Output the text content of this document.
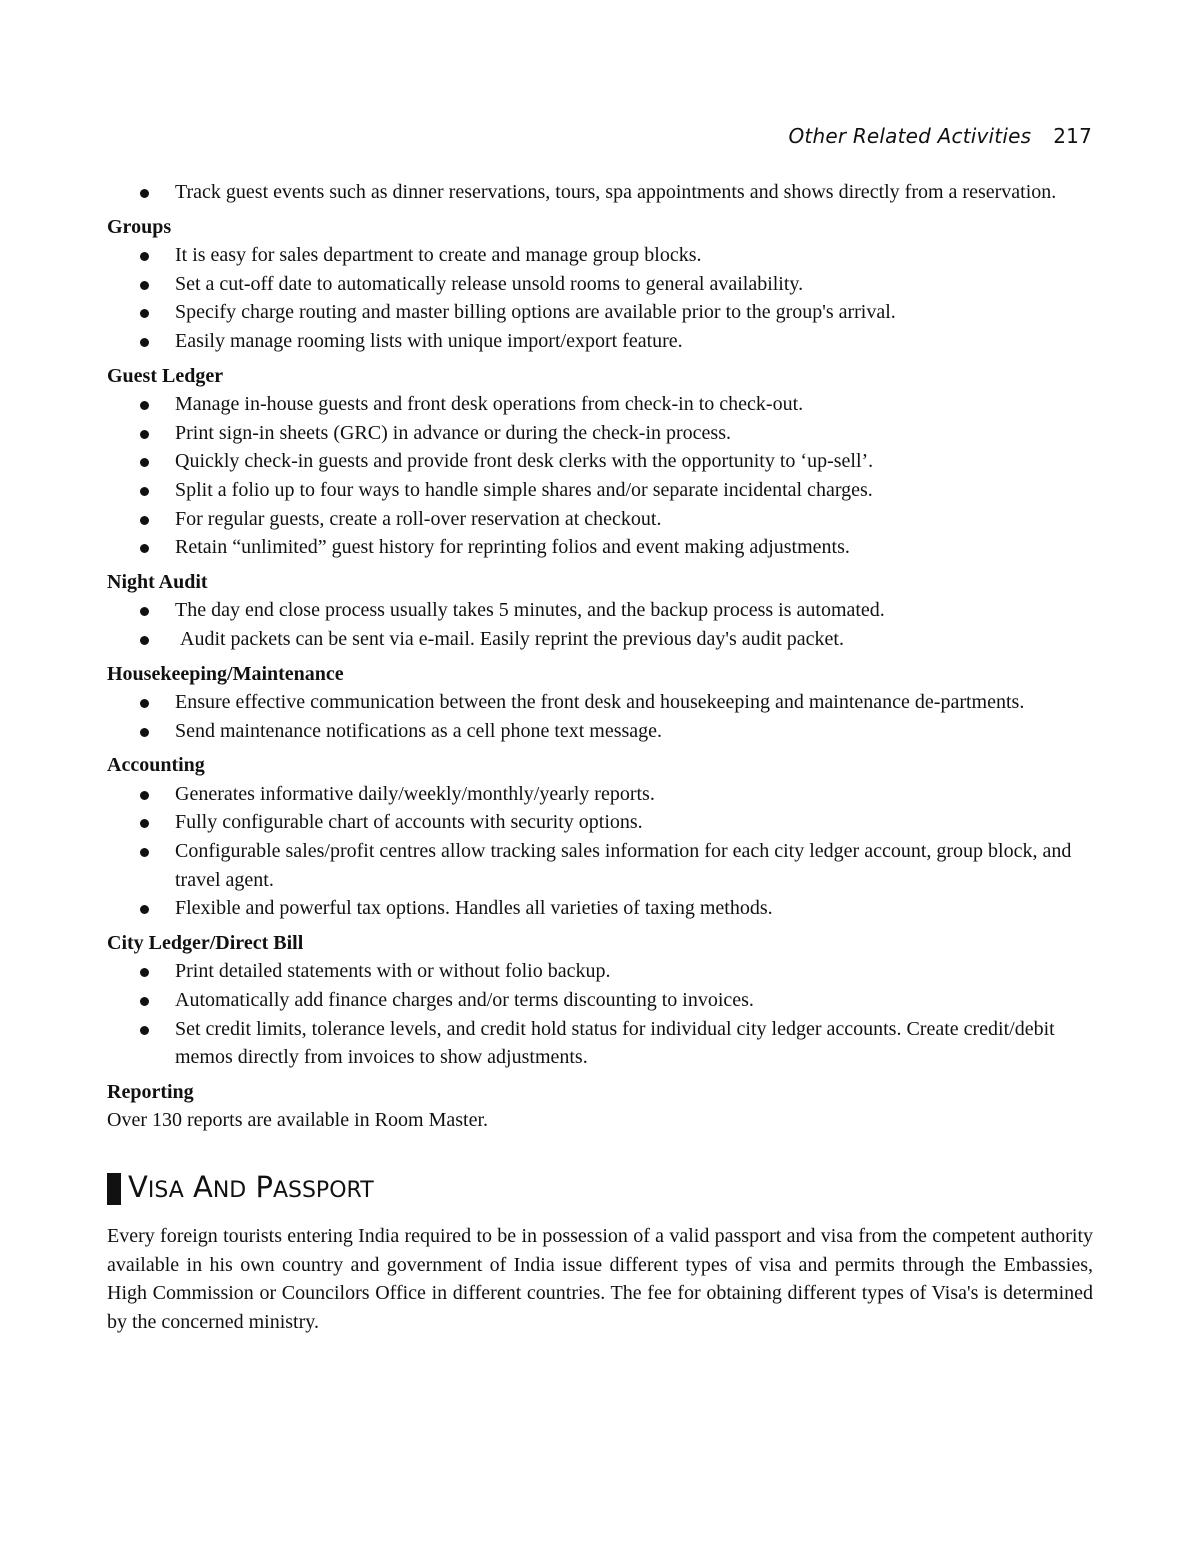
Other Related Activities 217
Track guest events such as dinner reservations, tours, spa appointments and shows directly from a reservation.
Groups
It is easy for sales department to create and manage group blocks.
Set a cut-off date to automatically release unsold rooms to general availability.
Specify charge routing and master billing options are available prior to the group's arrival.
Easily manage rooming lists with unique import/export feature.
Guest Ledger
Manage in-house guests and front desk operations from check-in to check-out.
Print sign-in sheets (GRC) in advance or during the check-in process.
Quickly check-in guests and provide front desk clerks with the opportunity to ‘up-sell’.
Split a folio up to four ways to handle simple shares and/or separate incidental charges.
For regular guests, create a roll-over reservation at checkout.
Retain “unlimited” guest history for reprinting folios and event making adjustments.
Night Audit
The day end close process usually takes 5 minutes, and the backup process is automated.
Audit packets can be sent via e-mail. Easily reprint the previous day's audit packet.
Housekeeping/Maintenance
Ensure effective communication between the front desk and housekeeping and maintenance de-partments.
Send maintenance notifications as a cell phone text message.
Accounting
Generates informative daily/weekly/monthly/yearly reports.
Fully configurable chart of accounts with security options.
Configurable sales/profit centres allow tracking sales information for each city ledger account, group block, and travel agent.
Flexible and powerful tax options. Handles all varieties of taxing methods.
City Ledger/Direct Bill
Print detailed statements with or without folio backup.
Automatically add finance charges and/or terms discounting to invoices.
Set credit limits, tolerance levels, and credit hold status for individual city ledger accounts. Create credit/debit memos directly from invoices to show adjustments.
Reporting

Over 130 reports are available in Room Master.

VISA AND PASSPORT

Every foreign tourists entering India required to be in possession of a valid passport and visa from the competent authority available in his own country and government of India issue different types of visa and permits through the Embassies, High Commission or Councilors Office in different countries. The fee for obtaining different types of Visa's is determined by the concerned ministry.
